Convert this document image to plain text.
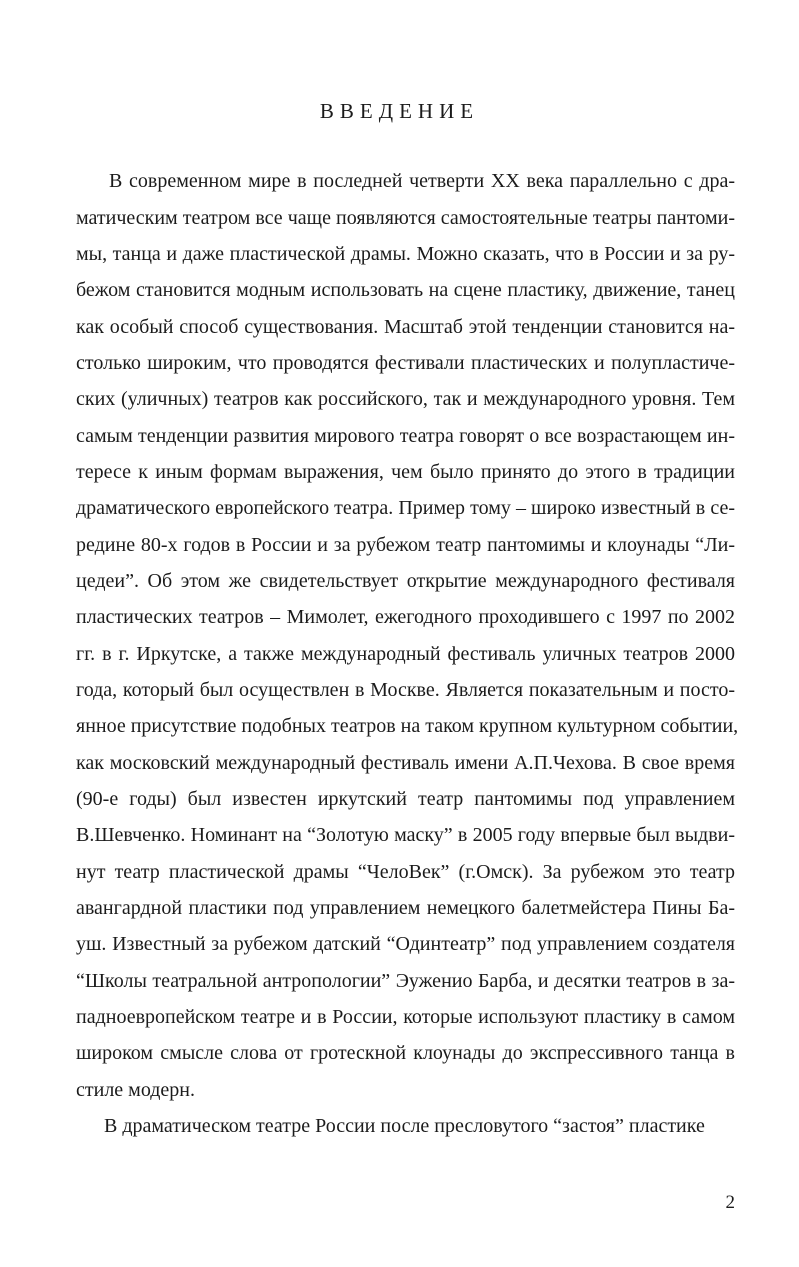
ВВЕДЕНИЕ
В современном мире в последней четверти XX века параллельно с дра-
матическим театром все чаще появляются самостоятельные театры пантоми-
мы, танца и даже пластической драмы. Можно сказать, что в России и за ру-
бежом становится модным использовать на сцене пластику, движение, танец
как особый способ существования. Масштаб этой тенденции становится на-
столько широким, что проводятся фестивали пластических и полупластиче-
ских (уличных) театров как российского, так и международного уровня. Тем
самым тенденции развития мирового театра говорят о все возрастающем ин-
тересе к иным формам выражения, чем было принято до этого в традиции
драматического европейского театра. Пример тому – широко известный в се-
редине 80-х годов в России и за рубежом театр пантомимы и клоунады “Ли-
цедеи”. Об этом же свидетельствует открытие международного фестиваля
пластических театров – Мимолет, ежегодного проходившего с 1997 по 2002
гг. в г. Иркутске, а также международный фестиваль уличных театров 2000
года, который был осуществлен в Москве. Является показательным и посто-
янное присутствие подобных театров на таком крупном культурном событии,
как московский международный фестиваль имени А.П.Чехова. В свое время
(90-е годы) был известен иркутский театр пантомимы под управлением
В.Шевченко. Номинант на “Золотую маску” в 2005 году впервые был выдви-
нут театр пластической драмы “ЧелоВек” (г.Омск). За рубежом это театр
авангардной пластики под управлением немецкого балетмейстера Пины Ба-
уш. Известный за рубежом датский “Одинтеатр” под управлением создателя
“Школы театральной антропологии” Эуженио Барба, и десятки театров в за-
падноевропейском театре и в России, которые используют пластику в самом
широком смысле слова от гротескной клоунады до экспрессивного танца в
стиле модерн.
В драматическом театре России после пресловутого “застоя” пластике
2
